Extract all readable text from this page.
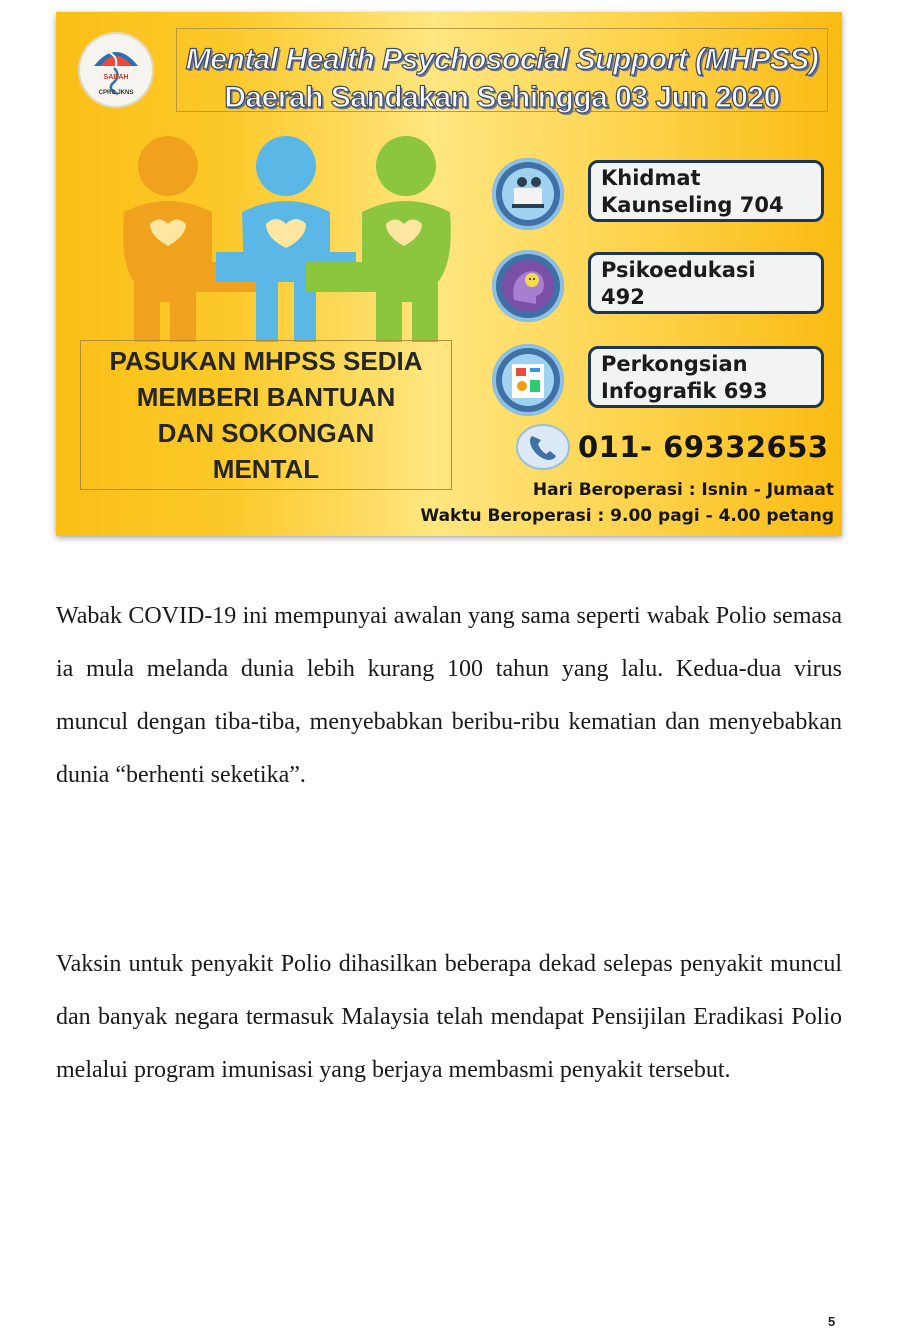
SABAH
CPRC JKNS
Mental Health Psychosocial Support (MHPSS)
Daerah Sandakan Sehingga 03 Jun 2020
PASUKAN MHPSS SEDIA
MEMBERI BANTUAN
DAN SOKONGAN
MENTAL
Khidmat
Kaunseling 704
Psikoedukasi
492
Perkongsian
Infografik 693
011- 69332653
Hari Beroperasi : Isnin - Jumaat
Waktu Beroperasi : 9.00 pagi - 4.00 petang

Wabak COVID-19 ini mempunyai awalan yang sama seperti wabak Polio semasa ia mula melanda dunia lebih kurang 100 tahun yang lalu. Kedua-dua virus muncul dengan tiba-tiba, menyebabkan beribu-ribu kematian dan menyebabkan dunia “berhenti seketika”.

Vaksin untuk penyakit Polio dihasilkan beberapa dekad selepas penyakit muncul dan banyak negara termasuk Malaysia telah mendapat Pensijilan Eradikasi Polio melalui program imunisasi yang berjaya membasmi penyakit tersebut.

5
